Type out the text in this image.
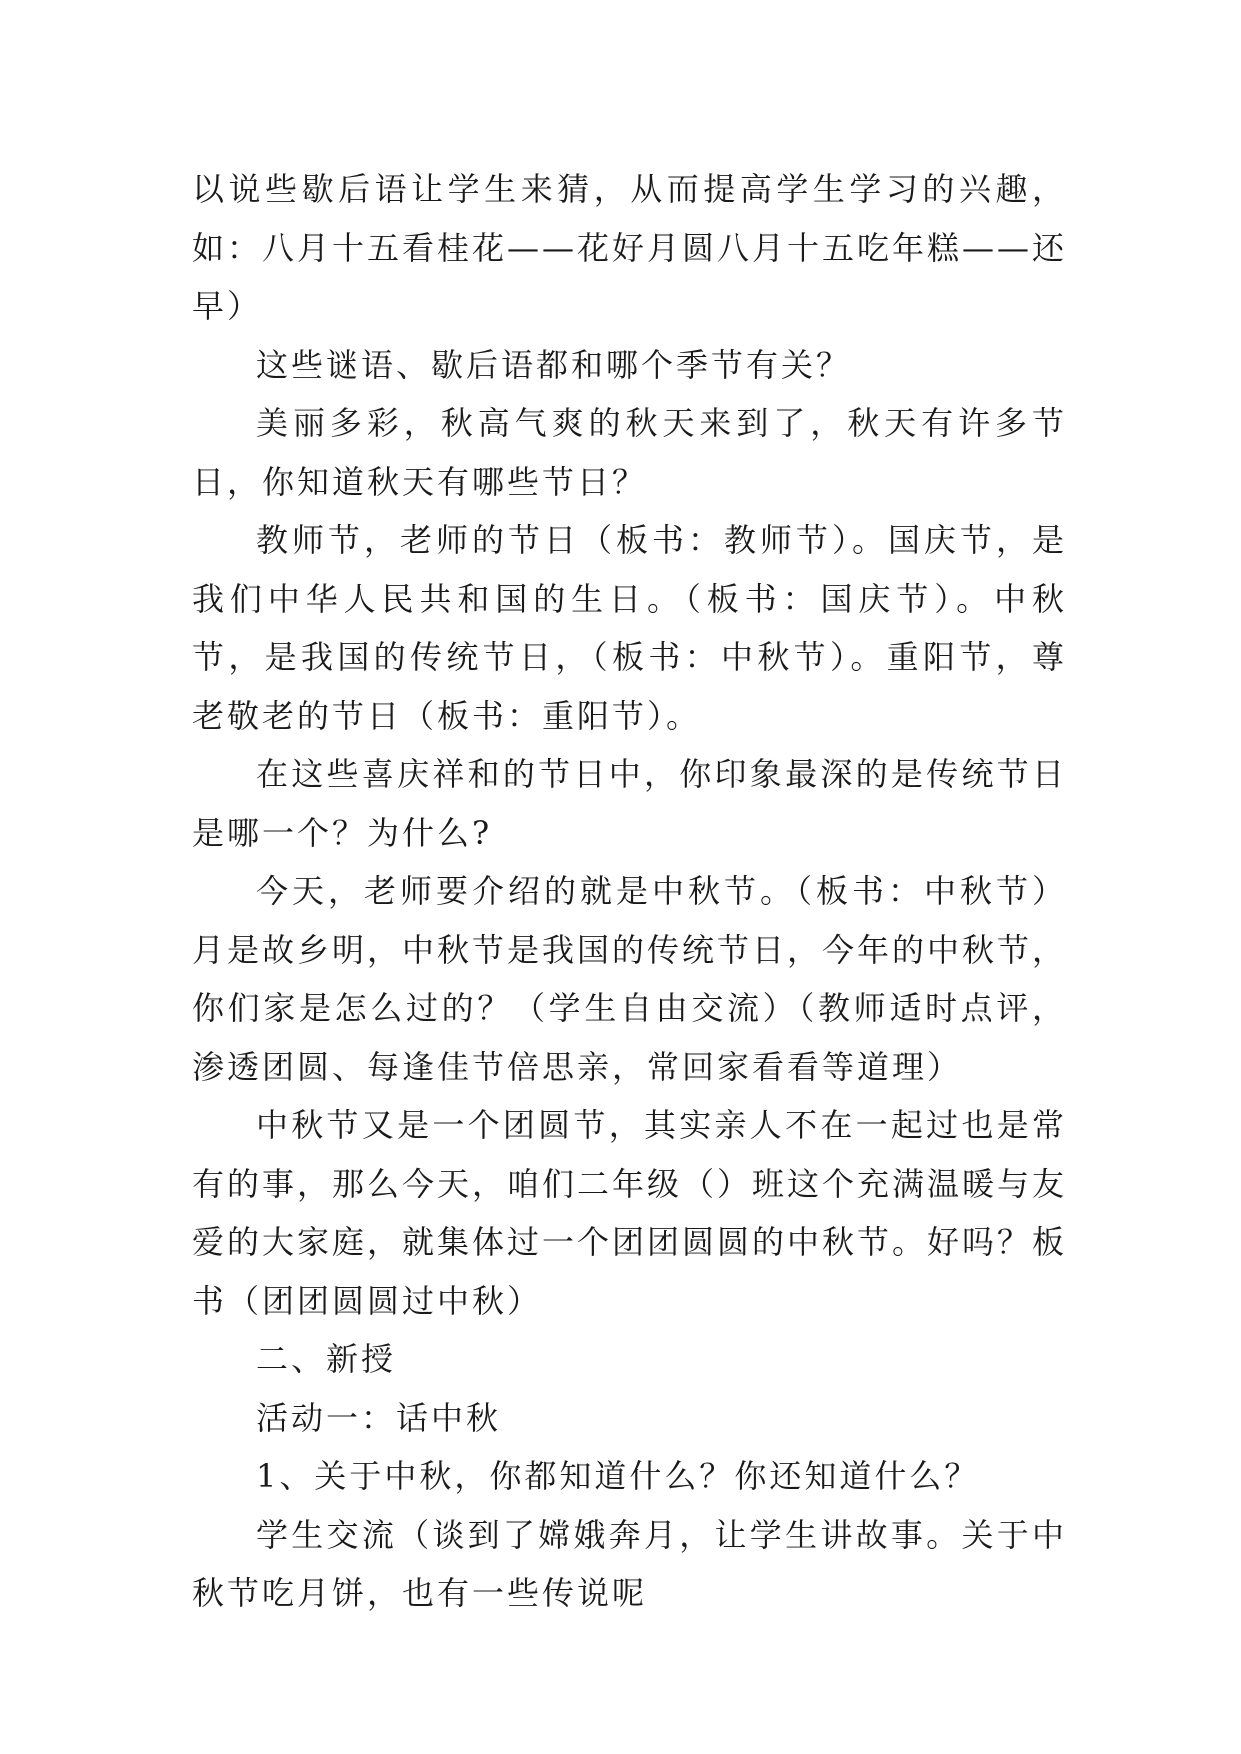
以说些歇后语让学生来猜，从而提高学生学习的兴趣，如：八月十五看桂花——花好月圆八月十五吃年糕——还早）

这些谜语、歇后语都和哪个季节有关？

美丽多彩，秋高气爽的秋天来到了，秋天有许多节日，你知道秋天有哪些节日？

教师节，老师的节日（板书：教师节）。国庆节，是我们中华人民共和国的生日。（板书：国庆节）。中秋节，是我国的传统节日，（板书：中秋节）。重阳节，尊老敬老的节日（板书：重阳节）。

在这些喜庆祥和的节日中，你印象最深的是传统节日是哪一个？为什么?

今天，老师要介绍的就是中秋节。（板书：中秋节）月是故乡明，中秋节是我国的传统节日，今年的中秋节，你们家是怎么过的？（学生自由交流）（教师适时点评，渗透团圆、每逢佳节倍思亲，常回家看看等道理）

中秋节又是一个团圆节，其实亲人不在一起过也是常有的事，那么今天，咱们二年级（）班这个充满温暖与友爱的大家庭，就集体过一个团团圆圆的中秋节。好吗？板书（团团圆圆过中秋）

二、新授

活动一：话中秋

1、关于中秋，你都知道什么？你还知道什么？

学生交流（谈到了嫦娥奔月，让学生讲故事。关于中秋节吃月饼，也有一些传说呢
